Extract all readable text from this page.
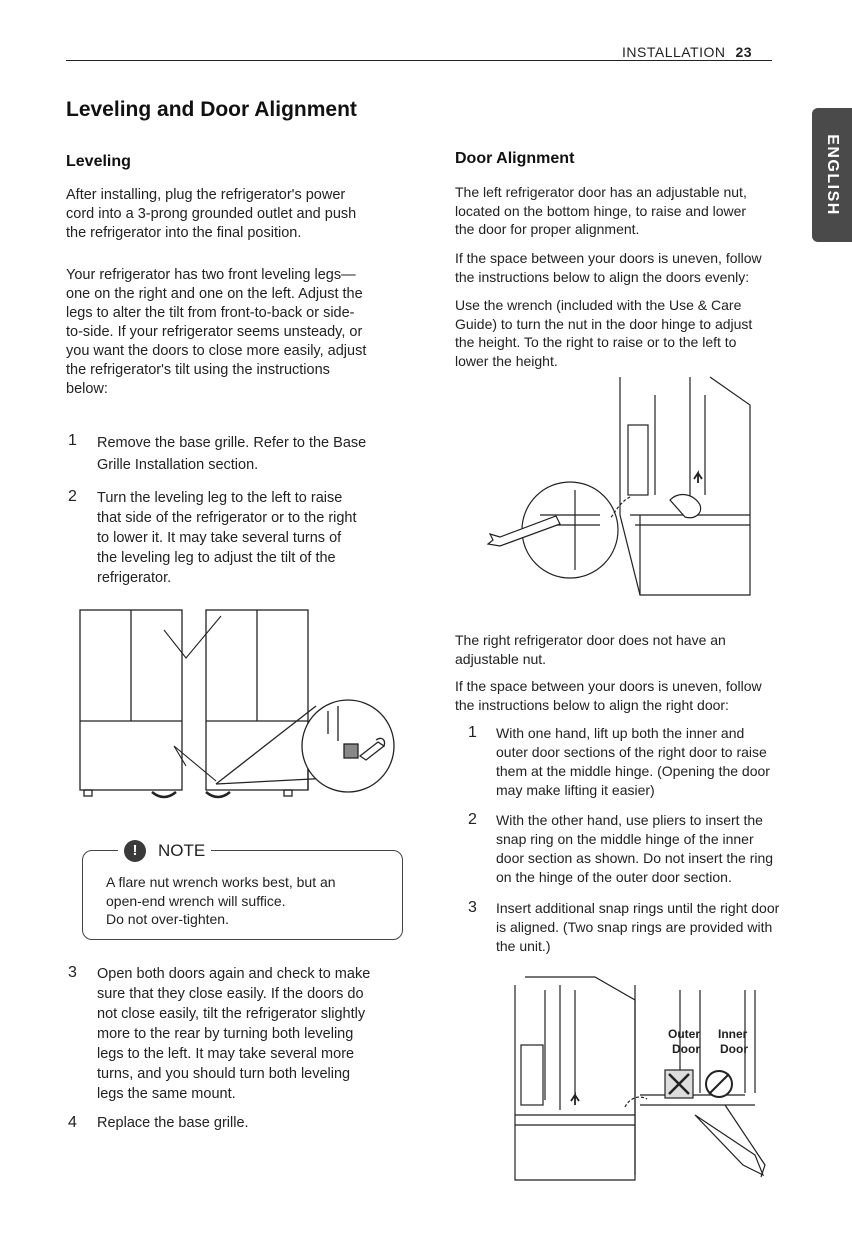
INSTALLATION 23
ENGLISH
Leveling and Door Alignment
Leveling
After installing, plug the refrigerator's power
cord into a 3-prong grounded outlet and push
the refrigerator into the final position.
Your refrigerator has two front leveling legs—
one on the right and one on the left. Adjust the
legs to alter the tilt from front-to-back or side-
to-side. If your refrigerator seems unsteady, or
you want the doors to close more easily, adjust
the refrigerator's tilt using the instructions
below:
1 Remove the base grille. Refer to the Base
Grille Installation section.
2 Turn the leveling leg to the left to raise
that side of the refrigerator or to the right
to lower it. It may take several turns of
the leveling leg to adjust the tilt of the
refrigerator.
!	NOTE
A flare nut wrench works best, but an
open-end wrench will suffice.
Do not over-tighten.
3 Open both doors again and check to make
sure that they close easily. If the doors do
not close easily, tilt the refrigerator slightly
more to the rear by turning both leveling
legs to the left. It may take several more
turns, and you should turn both leveling
legs the same mount.
4 Replace the base grille.
Door Alignment
The left refrigerator door has an adjustable nut,
located on the bottom hinge, to raise and lower
the door for proper alignment.
If the space between your doors is uneven, follow
the instructions below to align the doors evenly:
Use the wrench (included with the Use & Care
Guide) to turn the nut in the door hinge to adjust
the height. To the right to raise or to the left to
lower the height.
The right refrigerator door does not have an
adjustable nut.
If the space between your doors is uneven, follow
the instructions below to align the right door:
1 With one hand, lift up both the inner and
outer door sections of the right door to raise
them at the middle hinge. (Opening the door
may make lifting it easier)
2 With the other hand, use pliers to insert the
snap ring on the middle hinge of the inner
door section as shown. Do not insert the ring
on the hinge of the outer door section.
3 Insert additional snap rings until the right door
is aligned. (Two snap rings are provided with
the unit.)
Outer
Door
Inner
Door
